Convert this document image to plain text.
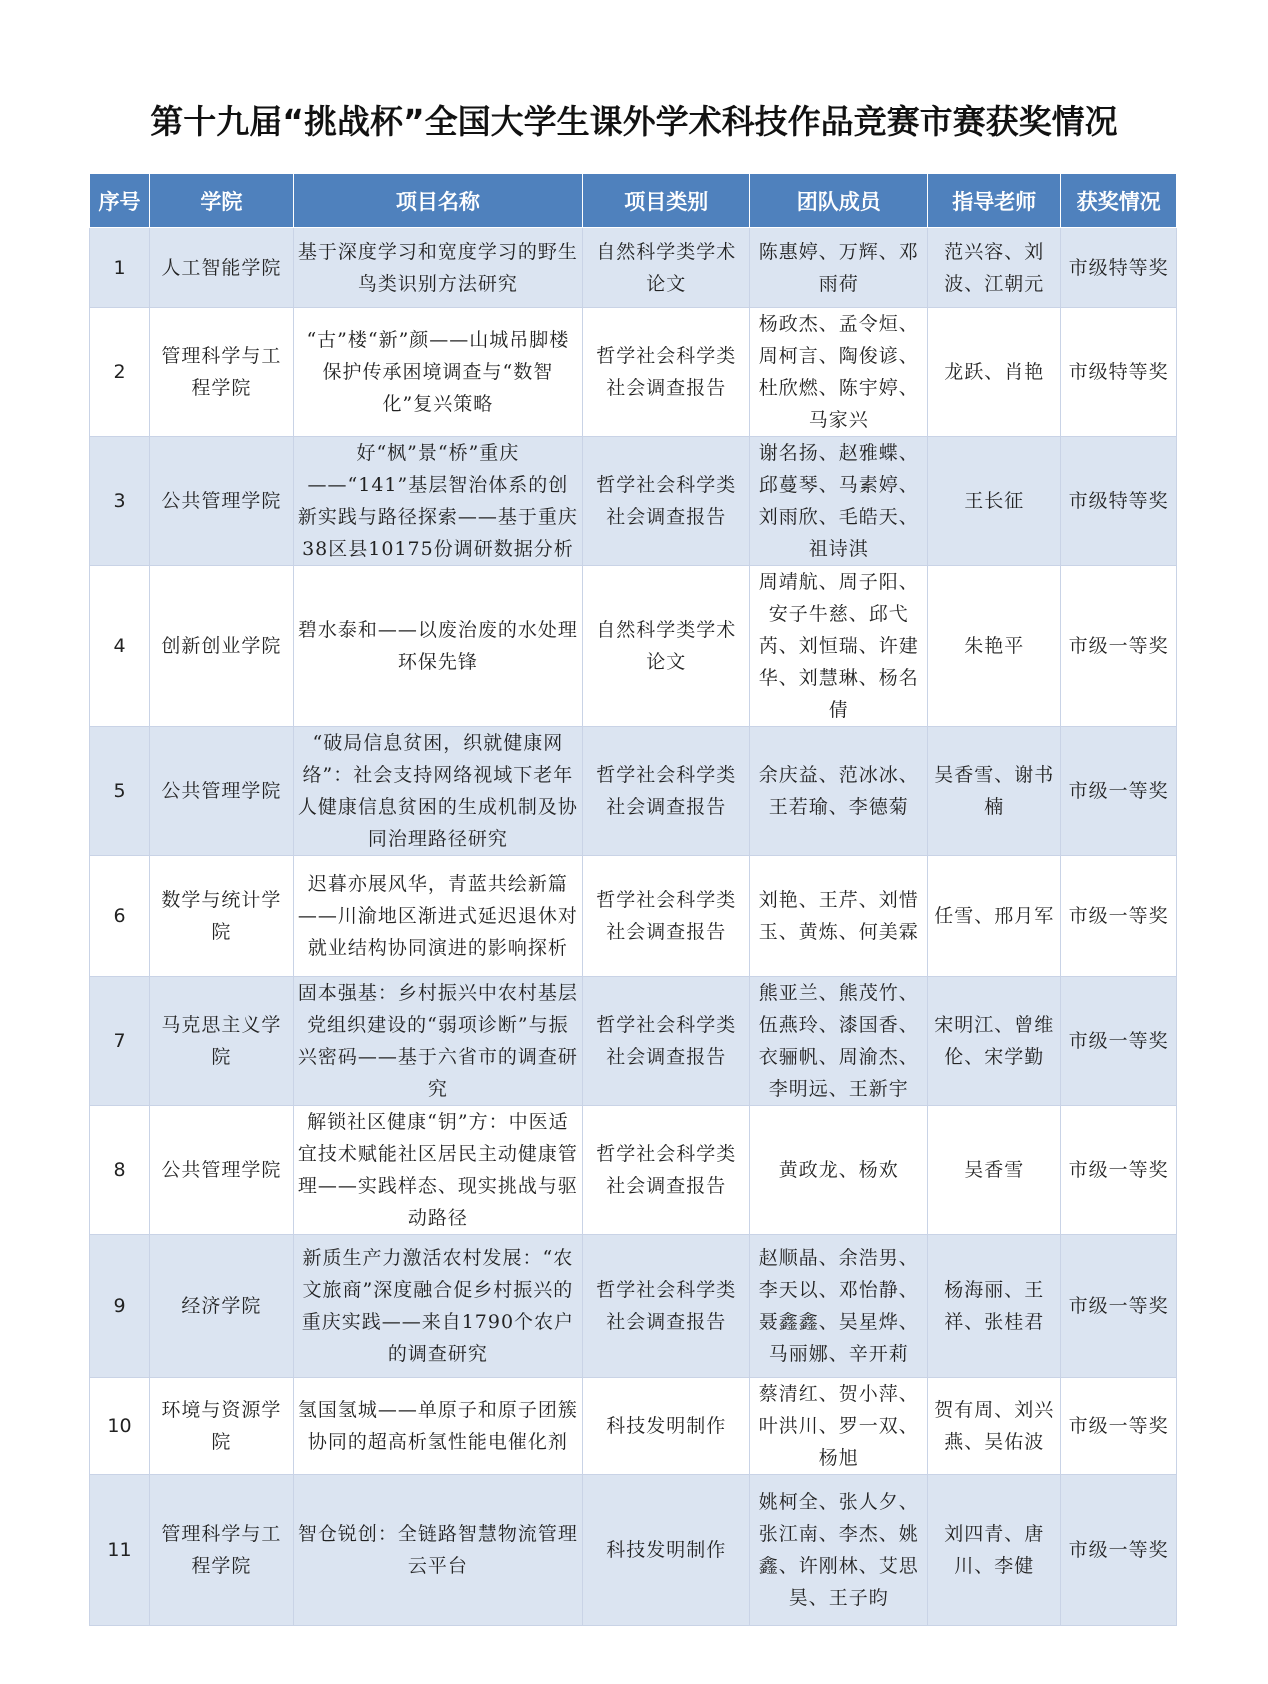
第十九届“挑战杯”全国大学生课外学术科技作品竞赛市赛获奖情况
序号	学院	项目名称	项目类别	团队成员	指导老师	获奖情况
1	人工智能学院	基于深度学习和宽度学习的野生鸟类识别方法研究	自然科学类学术论文	陈惠婷、万辉、邓雨荷	范兴容、刘波、江朝元	市级特等奖
2	管理科学与工程学院	“古”楼“新”颜——山城吊脚楼保护传承困境调查与“数智化”复兴策略	哲学社会科学类社会调查报告	杨政杰、孟令烜、周柯言、陶俊谚、杜欣燃、陈宇婷、马家兴	龙跃、肖艳	市级特等奖
3	公共管理学院	好“枫”景“桥”重庆——“141”基层智治体系的创新实践与路径探索——基于重庆38区县10175份调研数据分析	哲学社会科学类社会调查报告	谢名扬、赵雅蝶、邱蔓琴、马素婷、刘雨欣、毛皓天、祖诗淇	王长征	市级特等奖
4	创新创业学院	碧水泰和——以废治废的水处理环保先锋	自然科学类学术论文	周靖航、周子阳、安子牛慈、邱弋芮、刘恒瑞、许建华、刘慧琳、杨名倩	朱艳平	市级一等奖
5	公共管理学院	“破局信息贫困，织就健康网络”：社会支持网络视域下老年人健康信息贫困的生成机制及协同治理路径研究	哲学社会科学类社会调查报告	余庆益、范冰冰、王若瑜、李德菊	吴香雪、谢书楠	市级一等奖
6	数学与统计学院	迟暮亦展风华，青蓝共绘新篇——川渝地区渐进式延迟退休对就业结构协同演进的影响探析	哲学社会科学类社会调查报告	刘艳、王芹、刘惜玉、黄炼、何美霖	任雪、邢月军	市级一等奖
7	马克思主义学院	固本强基：乡村振兴中农村基层党组织建设的“弱项诊断”与振兴密码——基于六省市的调查研究	哲学社会科学类社会调查报告	熊亚兰、熊茂竹、伍燕玲、漆国香、衣骊帆、周渝杰、李明远、王新宇	宋明江、曾维伦、宋学勤	市级一等奖
8	公共管理学院	解锁社区健康“钥”方：中医适宜技术赋能社区居民主动健康管理——实践样态、现实挑战与驱动路径	哲学社会科学类社会调查报告	黄政龙、杨欢	吴香雪	市级一等奖
9	经济学院	新质生产力激活农村发展：“农文旅商”深度融合促乡村振兴的重庆实践——来自1790个农户的调查研究	哲学社会科学类社会调查报告	赵顺晶、余浩男、李天以、邓怡静、聂鑫鑫、吴星烨、马丽娜、辛开莉	杨海丽、王祥、张桂君	市级一等奖
10	环境与资源学院	氢国氢城——单原子和原子团簇协同的超高析氢性能电催化剂	科技发明制作	蔡清红、贺小萍、叶洪川、罗一双、杨旭	贺有周、刘兴燕、吴佑波	市级一等奖
11	管理科学与工程学院	智仓锐创：全链路智慧物流管理云平台	科技发明制作	姚柯全、张人夕、张江南、李杰、姚鑫、许刚林、艾思昊、王子昀	刘四青、唐川、李健	市级一等奖
